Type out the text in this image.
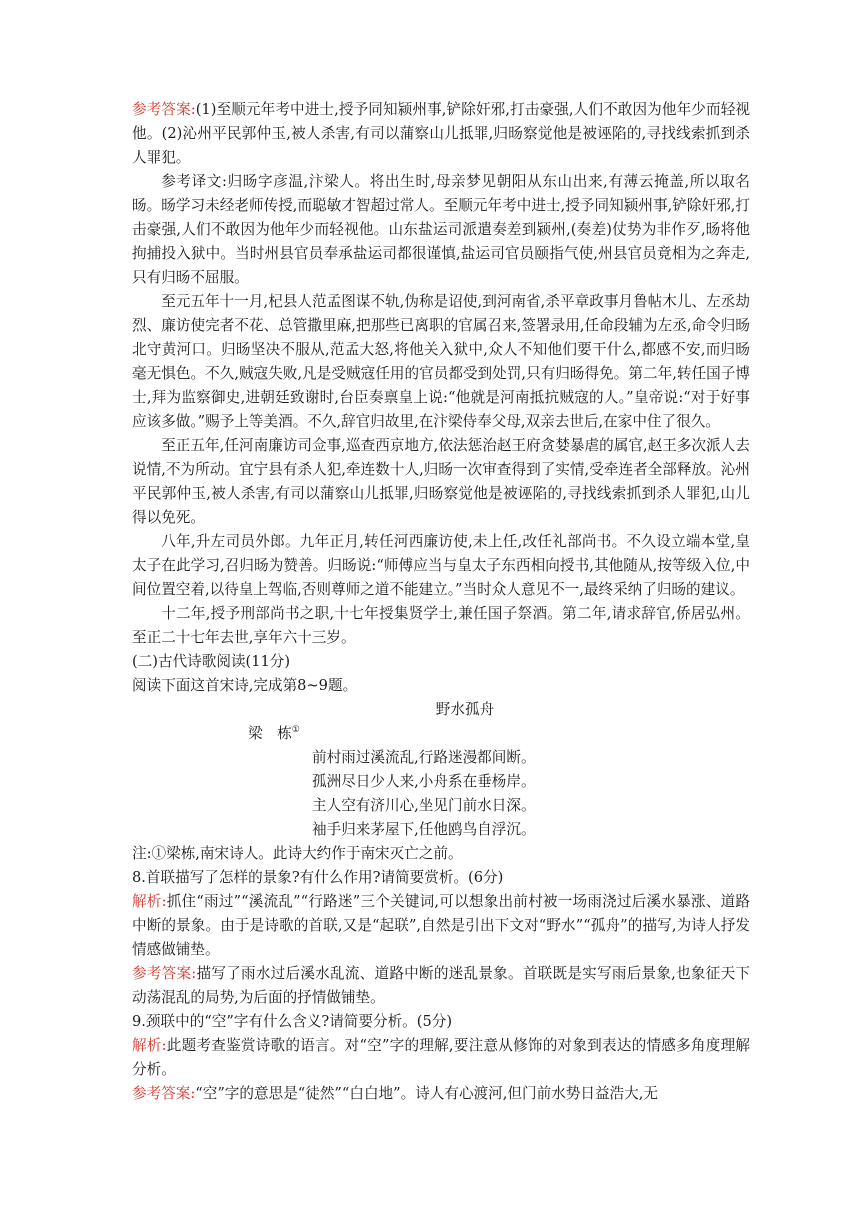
参考答案:(1)至顺元年考中进士,授予同知颍州事,铲除奸邪,打击豪强,人们不敢因为他年少而轻视他。(2)沁州平民郭仲玉,被人杀害,有司以蒲察山儿抵罪,归旸察觉他是被诬陷的,寻找线索抓到杀人罪犯。

参考译文:归旸字彦温,汴梁人。将出生时,母亲梦见朝阳从东山出来,有薄云掩盖,所以取名旸。旸学习未经老师传授,而聪敏才智超过常人。至顺元年考中进士,授予同知颍州事,铲除奸邪,打击豪强,人们不敢因为他年少而轻视他。山东盐运司派遣奏差到颍州,(奏差)仗势为非作歹,旸将他拘捕投入狱中。当时州县官员奉承盐运司都很谨慎,盐运司官员颐指气使,州县官员竟相为之奔走,只有归旸不屈服。

至元五年十一月,杞县人范孟图谋不轨,伪称是诏使,到河南省,杀平章政事月鲁帖木儿、左丞劫烈、廉访使完者不花、总管撒里麻,把那些已离职的官属召来,签署录用,任命段辅为左丞,命令归旸北守黄河口。归旸坚决不服从,范孟大怒,将他关入狱中,众人不知他们要干什么,都感不安,而归旸毫无惧色。不久,贼寇失败,凡是受贼寇任用的官员都受到处罚,只有归旸得免。第二年,转任国子博士,拜为监察御史,进朝廷致谢时,台臣奏禀皇上说:“他就是河南抵抗贼寇的人。”皇帝说:“对于好事应该多做。”赐予上等美酒。不久,辞官归故里,在汴梁侍奉父母,双亲去世后,在家中住了很久。

至正五年,任河南廉访司佥事,巡查西京地方,依法惩治赵王府贪婪暴虐的属官,赵王多次派人去说情,不为所动。宜宁县有杀人犯,牵连数十人,归旸一次审查得到了实情,受牵连者全部释放。沁州平民郭仲玉,被人杀害,有司以蒲察山儿抵罪,归旸察觉他是被诬陷的,寻找线索抓到杀人罪犯,山儿得以免死。

八年,升左司员外郎。九年正月,转任河西廉访使,未上任,改任礼部尚书。不久设立端本堂,皇太子在此学习,召归旸为赞善。归旸说:“师傅应当与皇太子东西相向授书,其他随从,按等级入位,中间位置空着,以待皇上驾临,否则尊师之道不能建立。”当时众人意见不一,最终采纳了归旸的建议。

十二年,授予刑部尚书之职,十七年授集贤学士,兼任国子祭酒。第二年,请求辞官,侨居弘州。至正二十七年去世,享年六十三岁。

(二)古代诗歌阅读(11分)

阅读下面这首宋诗,完成第8~9题。

野水孤舟

梁　栋①

前村雨过溪流乱,行路迷漫都间断。

孤洲尽日少人来,小舟系在垂杨岸。

主人空有济川心,坐见门前水日深。

袖手归来茅屋下,任他鸥鸟自浮沉。

注:①梁栋,南宋诗人。此诗大约作于南宋灭亡之前。

8.首联描写了怎样的景象?有什么作用?请简要赏析。(6分)

解析:抓住“雨过”“溪流乱”“行路迷”三个关键词,可以想象出前村被一场雨浇过后溪水暴涨、道路中断的景象。由于是诗歌的首联,又是“起联”,自然是引出下文对“野水”“孤舟”的描写,为诗人抒发情感做铺垫。

参考答案:描写了雨水过后溪水乱流、道路中断的迷乱景象。首联既是实写雨后景象,也象征天下动荡混乱的局势,为后面的抒情做铺垫。

9.颈联中的“空”字有什么含义?请简要分析。(5分)

解析:此题考查鉴赏诗歌的语言。对“空”字的理解,要注意从修饰的对象到表达的情感多角度理解分析。

参考答案:“空”字的意思是“徒然”“白白地”。诗人有心渡河,但门前水势日益浩大,无
